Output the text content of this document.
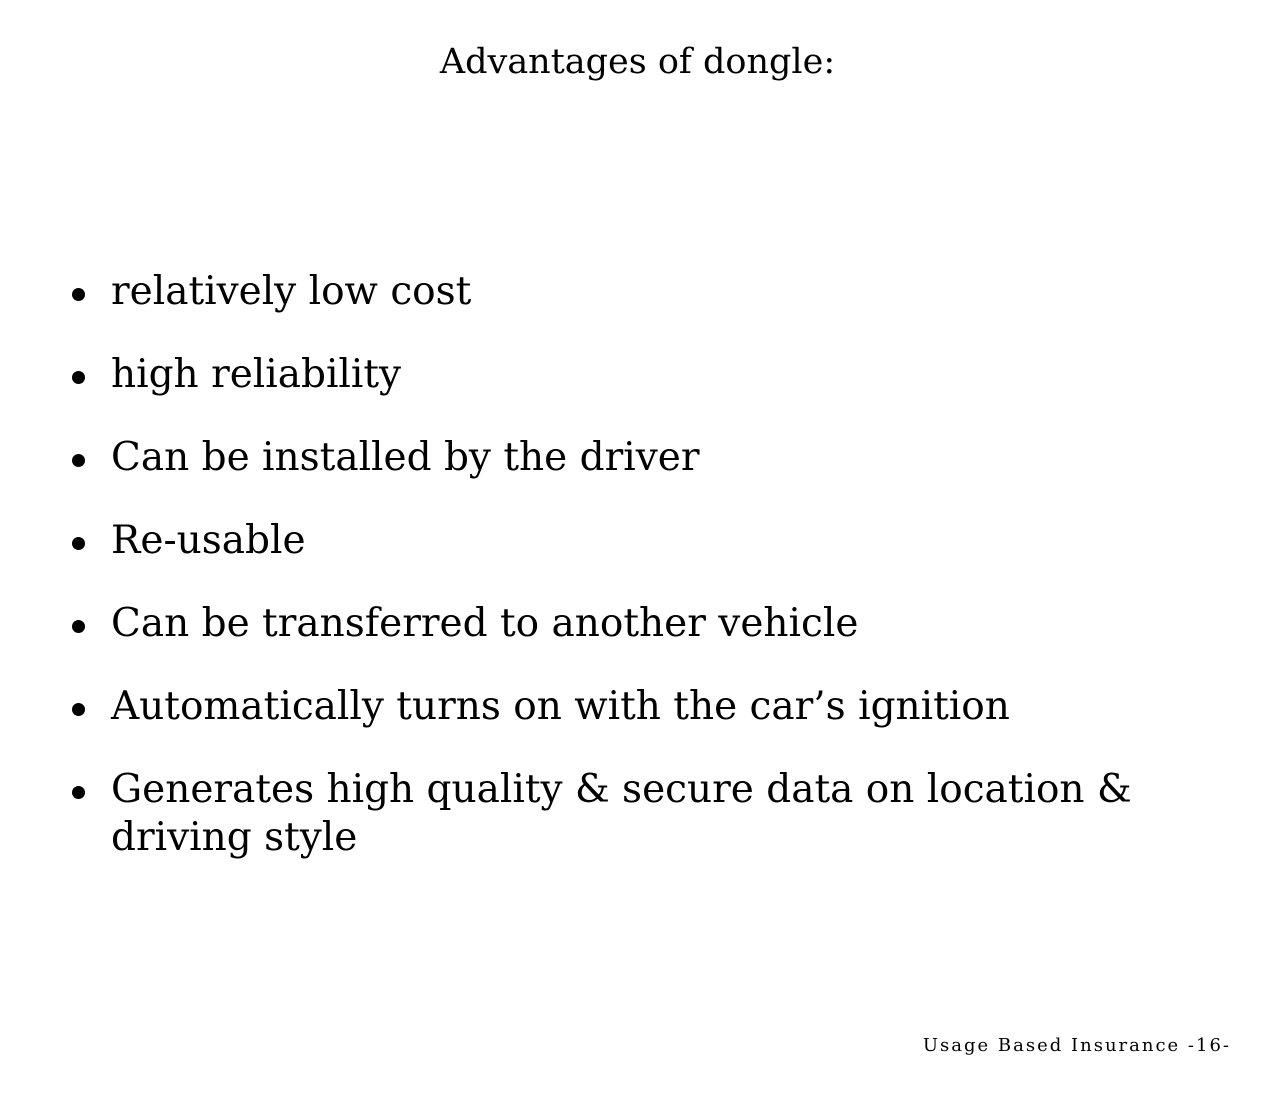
Advantages of dongle:
relatively low cost
high reliability
Can be installed by the driver
Re-usable
Can be transferred to another vehicle
Automatically turns on with the car’s ignition
Generates high quality & secure data on location & driving style
Usage Based Insurance -16-
